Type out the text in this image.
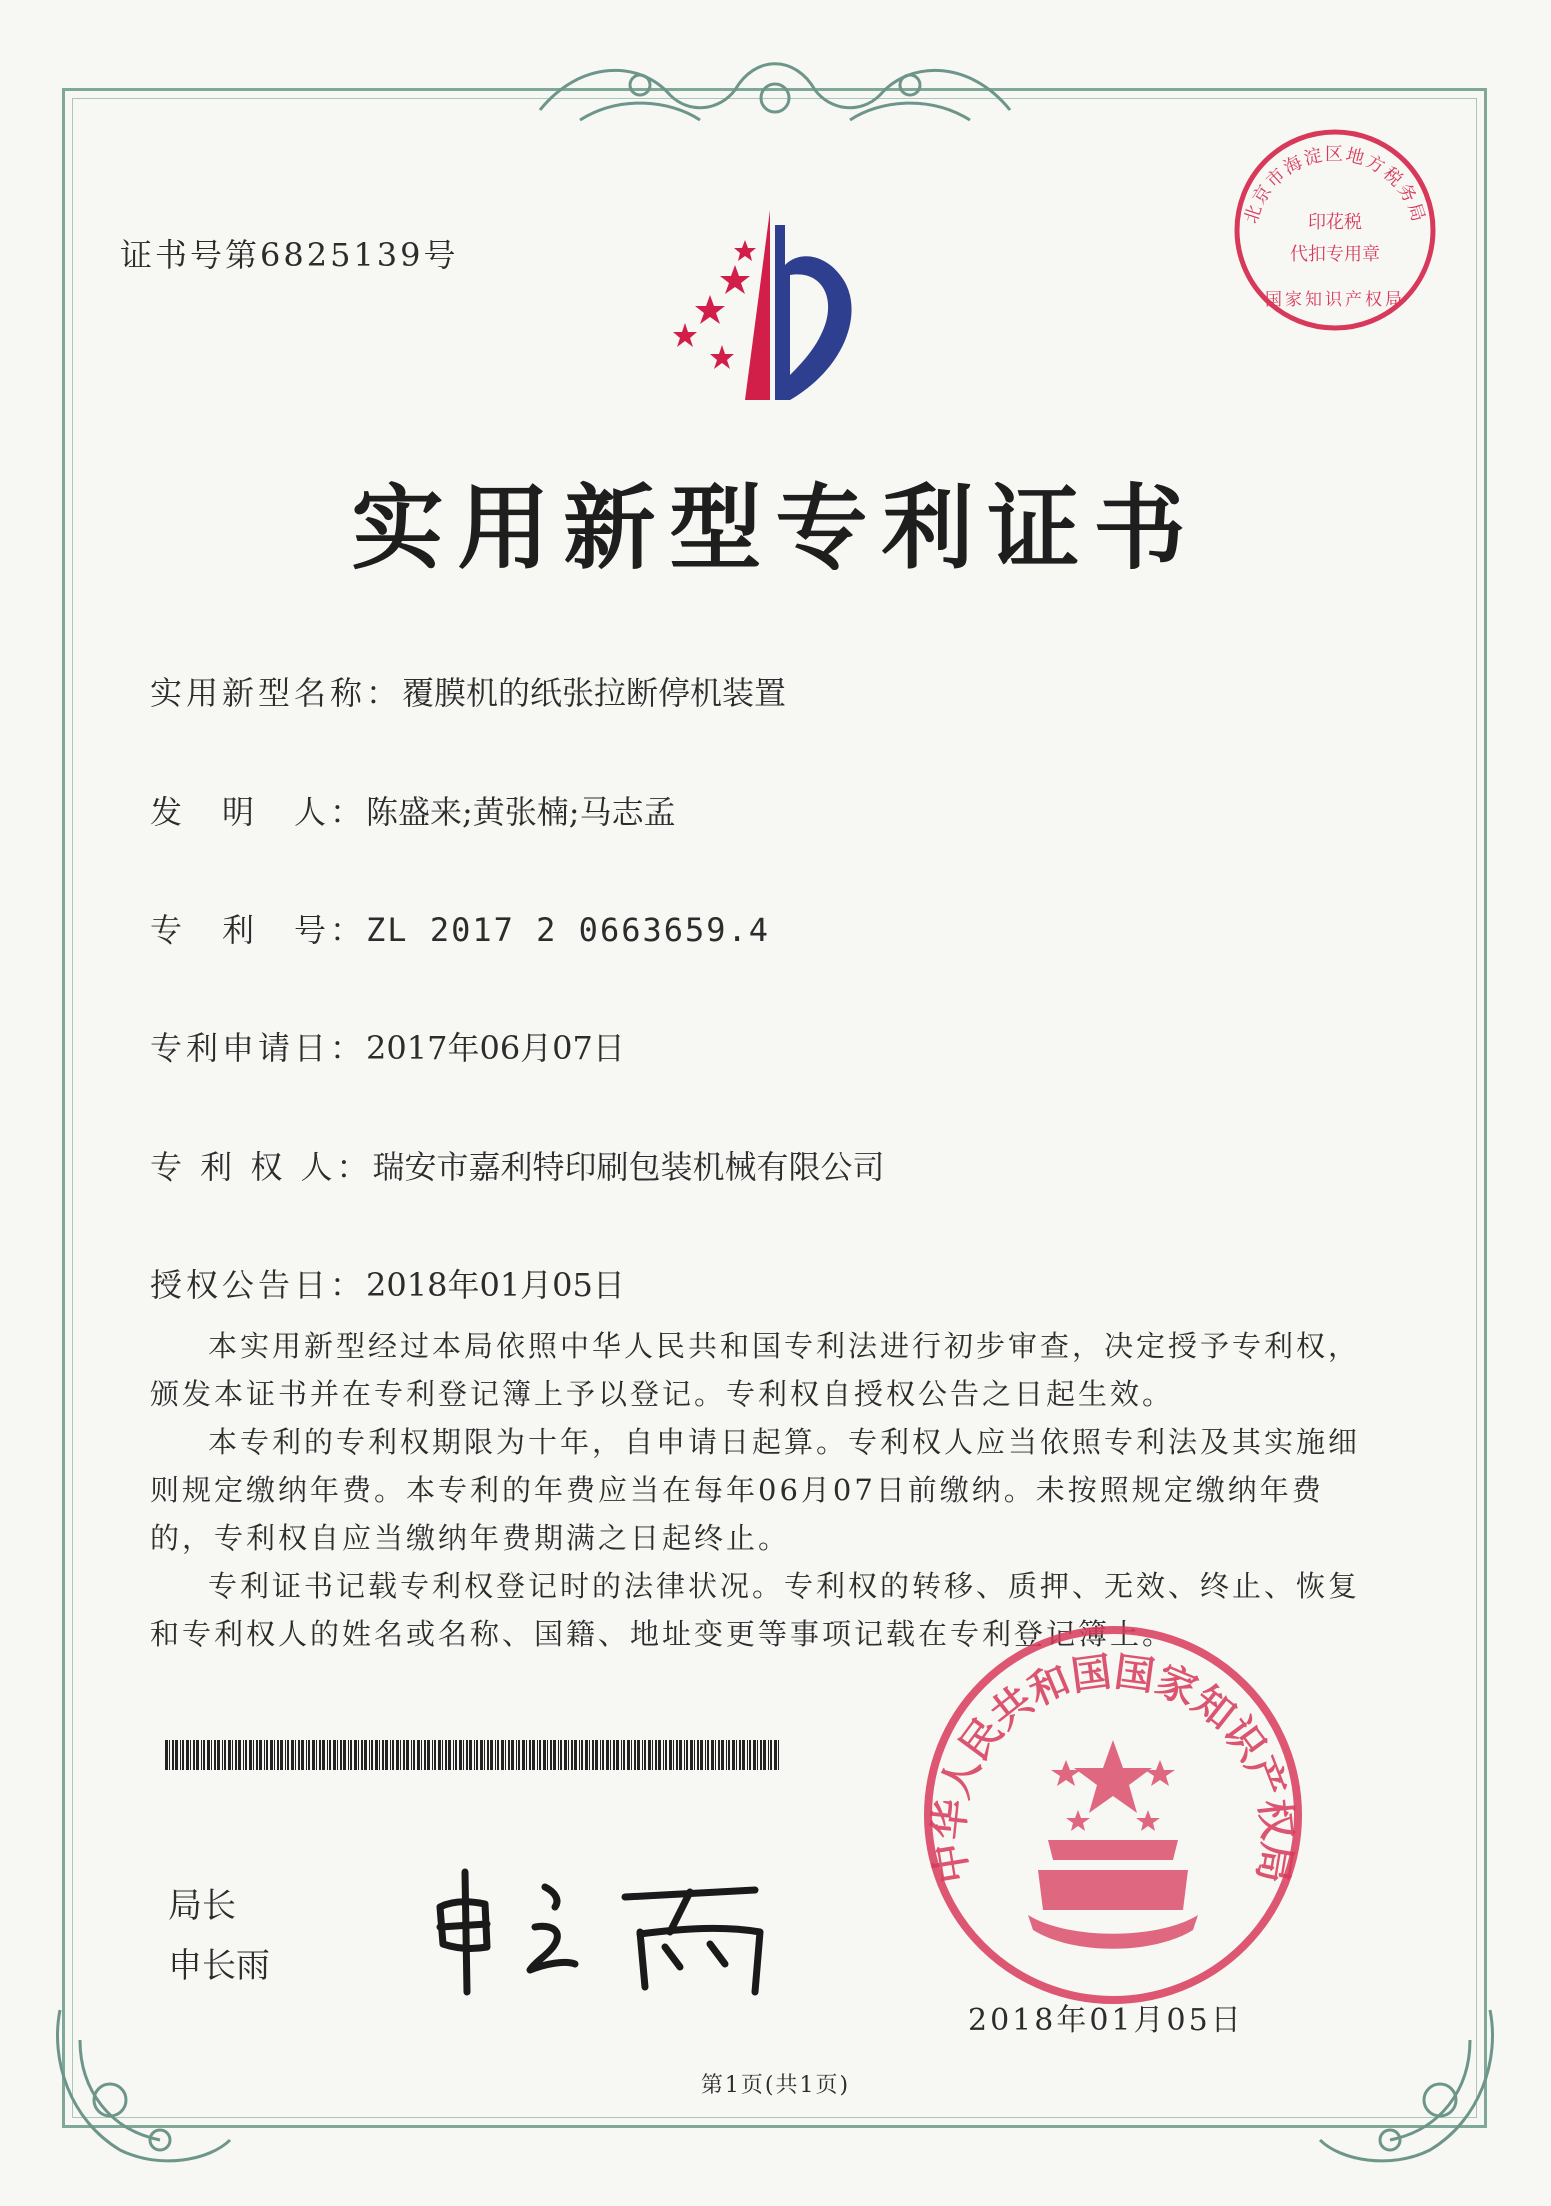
证书号第6825139号
北京市海淀区地方税务局
印花税
代扣专用章
国家知识产权局
实用新型专利证书
实用新型名称：覆膜机的纸张拉断停机装置
发　明　人：陈盛来;黄张楠;马志孟
专　利　号：ZL 2017 2 0663659.4
专利申请日：2017年06月07日
专 利 权 人：瑞安市嘉利特印刷包装机械有限公司
授权公告日：2018年01月05日

本实用新型经过本局依照中华人民共和国专利法进行初步审查，决定授予专利权，颁发本证书并在专利登记簿上予以登记。专利权自授权公告之日起生效。

本专利的专利权期限为十年，自申请日起算。专利权人应当依照专利法及其实施细则规定缴纳年费。本专利的年费应当在每年06月07日前缴纳。未按照规定缴纳年费的，专利权自应当缴纳年费期满之日起终止。

专利证书记载专利权登记时的法律状况。专利权的转移、质押、无效、终止、恢复和专利权人的姓名或名称、国籍、地址变更等事项记载在专利登记簿上。

局长
申长雨
中华人民共和国国家知识产权局
2018年01月05日
第1页(共1页)
